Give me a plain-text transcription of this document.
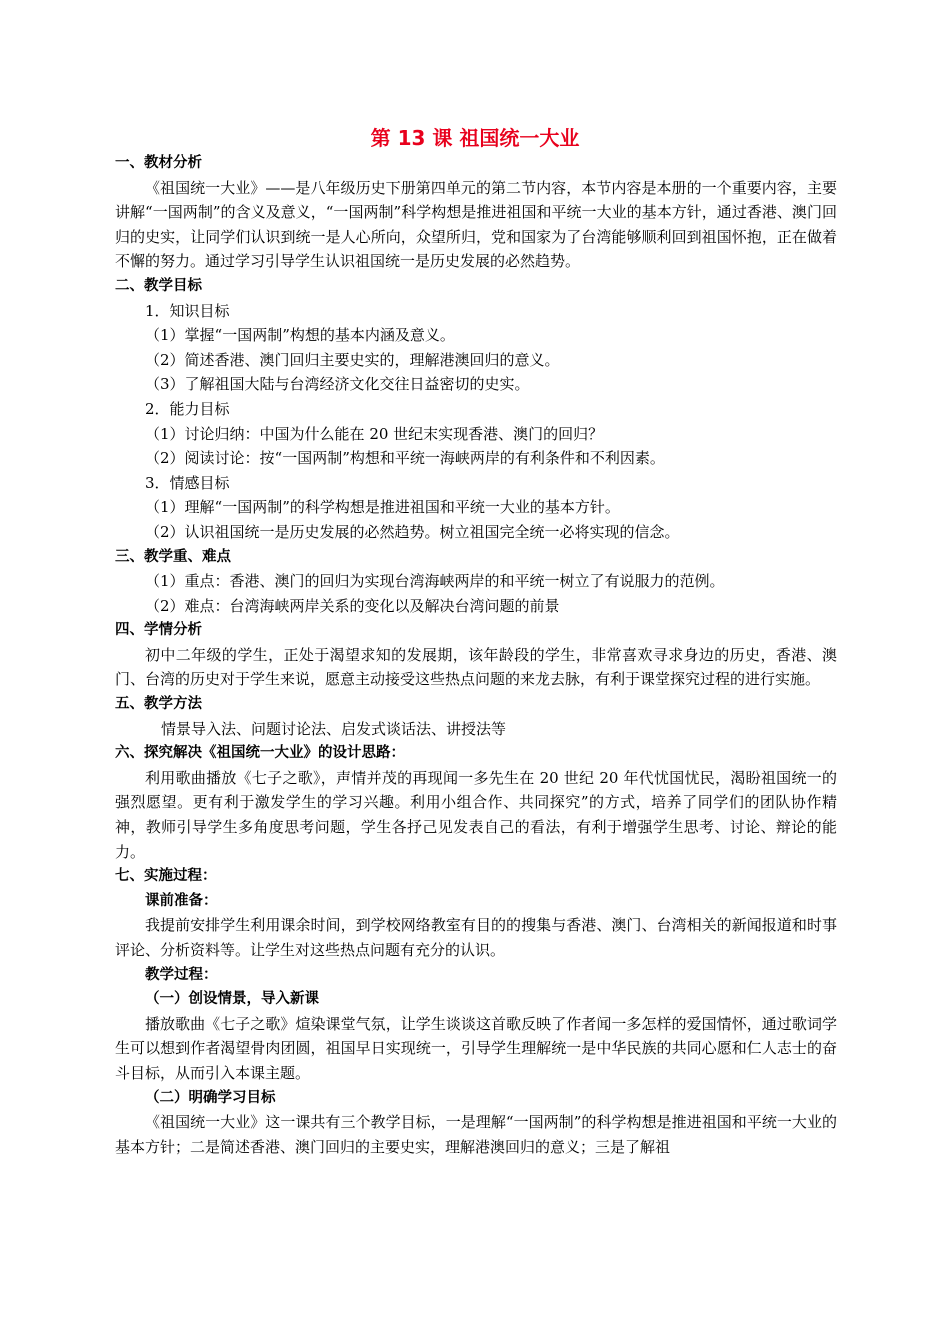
第 13 课 祖国统一大业

一、教材分析

《祖国统一大业》——是八年级历史下册第四单元的第二节内容，本节内容是本册的一个重要内容，主要讲解“一国两制”的含义及意义，“一国两制”科学构想是推进祖国和平统一大业的基本方针，通过香港、澳门回归的史实，让同学们认识到统一是人心所向，众望所归，党和国家为了台湾能够顺利回到祖国怀抱，正在做着不懈的努力。通过学习引导学生认识祖国统一是历史发展的必然趋势。

二、教学目标

1．知识目标

（1）掌握“一国两制”构想的基本内涵及意义。

（2）简述香港、澳门回归主要史实的，理解港澳回归的意义。

（3）了解祖国大陆与台湾经济文化交往日益密切的史实。

2．能力目标

（1）讨论归纳：中国为什么能在 20 世纪末实现香港、澳门的回归？

（2）阅读讨论：按“一国两制”构想和平统一海峡两岸的有利条件和不利因素。

3．情感目标

（1）理解“一国两制”的科学构想是推进祖国和平统一大业的基本方针。

（2）认识祖国统一是历史发展的必然趋势。树立祖国完全统一必将实现的信念。

三、教学重、难点

（1）重点：香港、澳门的回归为实现台湾海峡两岸的和平统一树立了有说服力的范例。

（2）难点：台湾海峡两岸关系的变化以及解决台湾问题的前景

四、学情分析

初中二年级的学生，正处于渴望求知的发展期，该年龄段的学生，非常喜欢寻求身边的历史，香港、澳门、台湾的历史对于学生来说，愿意主动接受这些热点问题的来龙去脉，有利于课堂探究过程的进行实施。

五、教学方法

情景导入法、问题讨论法、启发式谈话法、讲授法等

六、探究解决《祖国统一大业》的设计思路：

利用歌曲播放《七子之歌》，声情并茂的再现闻一多先生在 20 世纪 20 年代忧国忧民，渴盼祖国统一的强烈愿望。更有利于激发学生的学习兴趣。利用小组合作、共同探究”的方式，培养了同学们的团队协作精神，教师引导学生多角度思考问题，学生各抒己见发表自己的看法，有利于增强学生思考、讨论、辩论的能力。

七、实施过程：

课前准备：

我提前安排学生利用课余时间，到学校网络教室有目的的搜集与香港、澳门、台湾相关的新闻报道和时事评论、分析资料等。让学生对这些热点问题有充分的认识。

教学过程：

（一）创设情景，导入新课

播放歌曲《七子之歌》煊染课堂气氛，让学生谈谈这首歌反映了作者闻一多怎样的爱国情怀，通过歌词学生可以想到作者渴望骨肉团圆，祖国早日实现统一，引导学生理解统一是中华民族的共同心愿和仁人志士的奋斗目标，从而引入本课主题。

（二）明确学习目标

《祖国统一大业》这一课共有三个教学目标，一是理解“一国两制”的科学构想是推进祖国和平统一大业的基本方针；二是简述香港、澳门回归的主要史实，理解港澳回归的意义；三是了解祖
